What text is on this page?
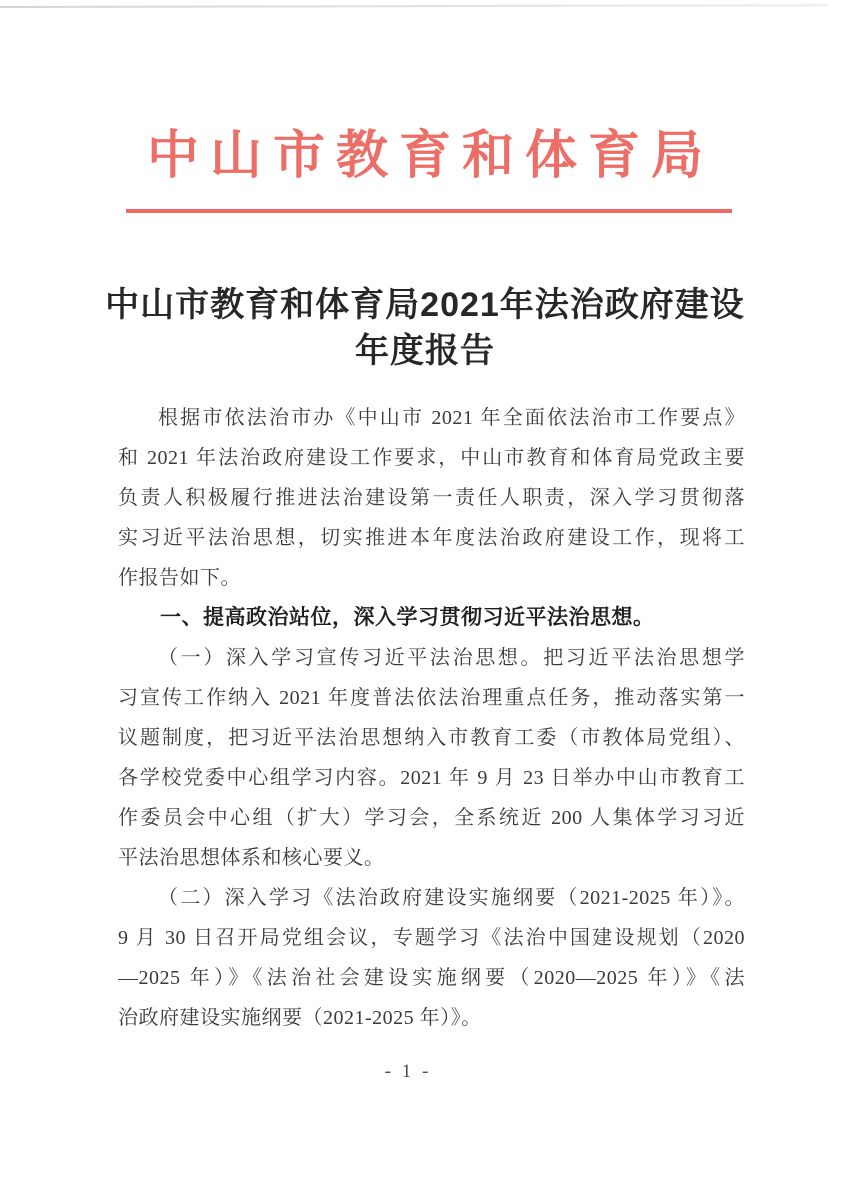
中山市教育和体育局
中山市教育和体育局2021年法治政府建设
年度报告
根据市依法治市办《中山市 2021 年全面依法治市工作要点》
和 2021 年法治政府建设工作要求，中山市教育和体育局党政主要
负责人积极履行推进法治建设第一责任人职责，深入学习贯彻落
实习近平法治思想，切实推进本年度法治政府建设工作，现将工
作报告如下。
一、提高政治站位，深入学习贯彻习近平法治思想。
（一）深入学习宣传习近平法治思想。把习近平法治思想学
习宣传工作纳入 2021 年度普法依法治理重点任务，推动落实第一
议题制度，把习近平法治思想纳入市教育工委（市教体局党组）、
各学校党委中心组学习内容。2021 年 9 月 23 日举办中山市教育工
作委员会中心组（扩大）学习会，全系统近 200 人集体学习习近
平法治思想体系和核心要义。
（二）深入学习《法治政府建设实施纲要（2021-2025 年）》。
9 月 30 日召开局党组会议，专题学习《法治中国建设规划（2020
—2025 年）》《法治社会建设实施纲要（2020—2025 年）》《法
治政府建设实施纲要（2021-2025 年）》。
- 1 -
